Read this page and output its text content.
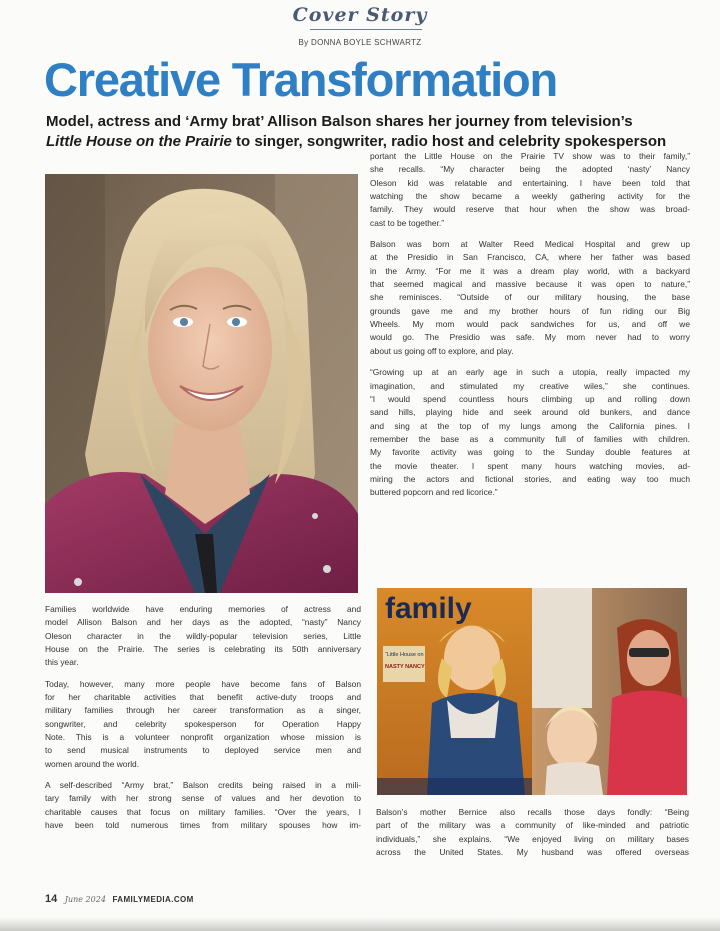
Cover Story
By DONNA BOYLE SCHWARTZ
Creative Transformation
Model, actress and ‘Army brat’ Allison Balson shares her journey from television’s
Little House on the Prairie to singer, songwriter, radio host and celebrity spokesperson

portant the Little House on the Prairie TV show was to their family,”
she recalls. “My character being the adopted ‘nasty’ Nancy
Oleson kid was relatable and entertaining. I have been told that
watching the show became a weekly gathering activity for the
family. They would reserve that hour when the show was broad-
cast to be together.”

Balson was born at Walter Reed Medical Hospital and grew up
at the Presidio in San Francisco, CA, where her father was based
in the Army. “For me it was a dream play world, with a backyard
that seemed magical and massive because it was open to nature,”
she reminisces. “Outside of our military housing, the base
grounds gave me and my brother hours of fun riding our Big
Wheels. My mom would pack sandwiches for us, and off we
would go. The Presidio was safe. My mom never had to worry
about us going off to explore, and play.

“Growing up at an early age in such a utopia, really impacted my
imagination, and stimulated my creative wiles,” she continues.
“I would spend countless hours climbing up and rolling down
sand hills, playing hide and seek around old bunkers, and dance
and sing at the top of my lungs among the California pines. I
remember the base as a community full of families with children.
My favorite activity was going to the Sunday double features at
the movie theater. I spent many hours watching movies, ad-
miring the actors and fictional stories, and eating way too much
buttered popcorn and red licorice.”

family
“Little House on
NASTY NANCY

Families worldwide have enduring memories of actress and
model Allison Balson and her days as the adopted, “nasty” Nancy
Oleson character in the wildly-popular television series, Little
House on the Prairie. The series is celebrating its 50th anniversary
this year.

Today, however, many more people have become fans of Balson
for her charitable activities that benefit active-duty troops and
military families through her career transformation as a singer,
songwriter, and celebrity spokesperson for Operation Happy
Note. This is a volunteer nonprofit organization whose mission is
to send musical instruments to deployed service men and
women around the world.

A self-described “Army brat,” Balson credits being raised in a mili-
tary family with her strong sense of values and her devotion to
charitable causes that focus on military families. “Over the years, I
have been told numerous times from military spouses how im-

Balson’s mother Bernice also recalls those days fondly: “Being
part of the military was a community of like-minded and patriotic
individuals,” she explains. “We enjoyed living on military bases
across the United States. My husband was offered overseas

14 June 2024 FAMILYMEDIA.COM
